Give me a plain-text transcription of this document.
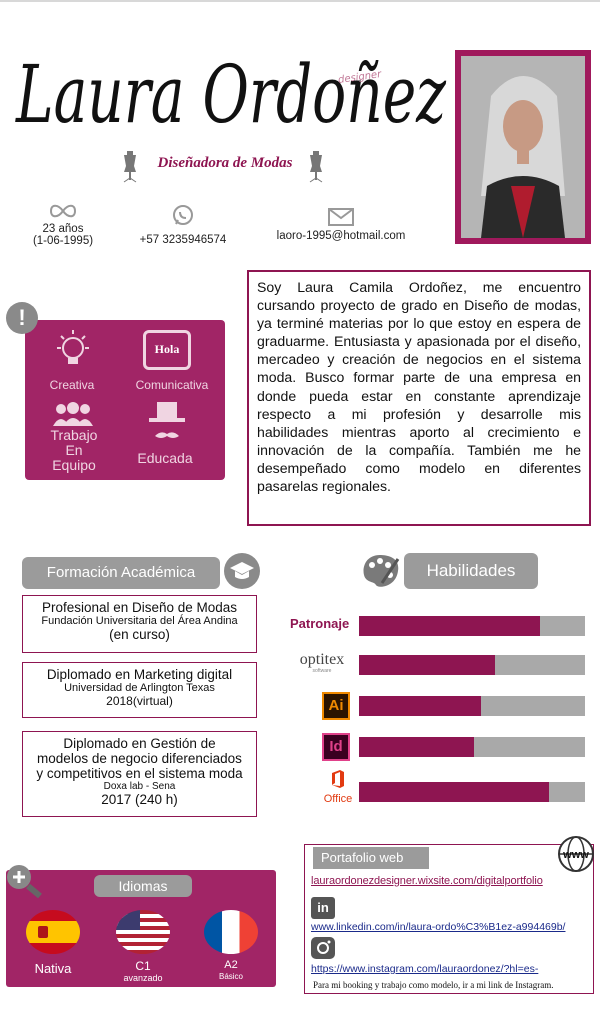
Laura Ordoñez
designer
Diseñadora de Modas
23 años
(1-06-1995)	+57 3235946574	laoro-1995@hotmail.com
Soy Laura Camila Ordoñez, me encuentro cursando proyecto de grado en Diseño de modas, ya terminé materias por lo que estoy en espera de graduarme. Entusiasta y apasionada por el diseño, mercadeo y creación de negocios en el sistema moda. Busco formar parte de una empresa en donde pueda estar en constante aprendizaje respecto a mi profesión y desarrolle mis habilidades mientras aporto al crecimiento e innovación de la compañía. También me he desempeñado como modelo en diferentes pasarelas regionales.
Creativa
Hola
Comunicativa
Trabajo
En
Equipo	Educada
!
Formación Académica
Profesional en Diseño de Modas
Fundación Universitaria del Área Andina
(en curso)
Diplomado en Marketing digital
Universidad de Arlington Texas
2018(virtual)
Diplomado en Gestión de
modelos de negocio diferenciados
y competitivos en el sistema moda
Doxa lab - Sena
2017 (240 h)
Habilidades
Patronaje
optitex
software
Ai
Id
Office
Idiomas
Nativa	C1
avanzado
A2
Básico
Portafolio web
lauraordonezdesigner.wixsite.com/digitalportfolio
in
www.linkedin.com/in/laura-ordo%C3%B1ez-a994469b/
https://www.instagram.com/lauraordonez/?hl=es-
Para mi booking y trabajo como modelo, ir a mi link de Instagram.
www
